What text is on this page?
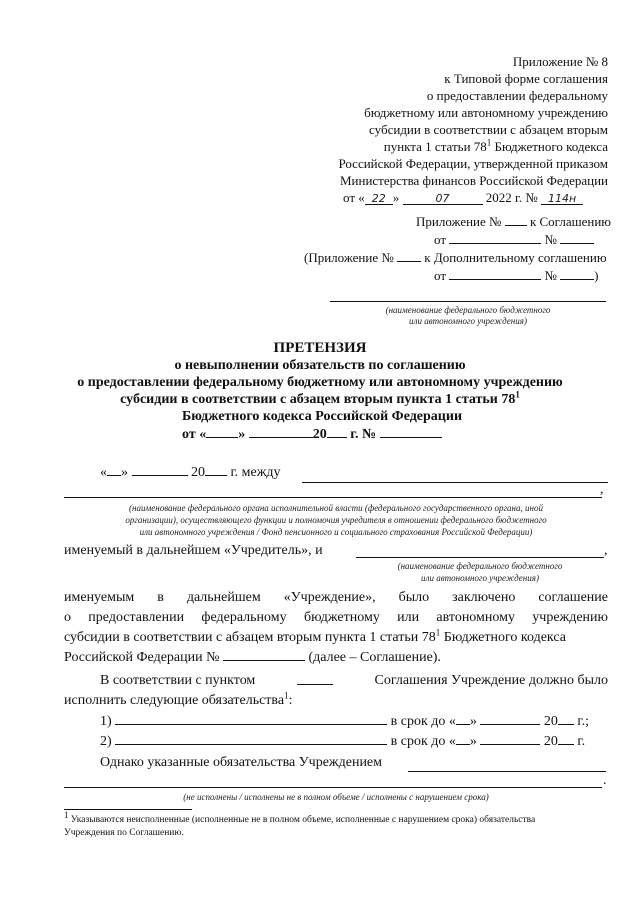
Приложение № 8
к Типовой форме соглашения
о предоставлении федеральному
бюджетному или автономному учреждению
субсидии в соответствии с абзацем вторым
пункта 1 статьи $78^1$ Бюджетного кодекса
Российской Федерации, утвержденной приказом
Министерства финансов Российской Федерации
от « 22 »	07	2022 г. № 114н
Приложение № к Соглашению
от	№
(Приложение № к Дополнительному соглашению
от	№	)
(наименование федерального бюджетного
или автономного учреждения)
ПРЕТЕНЗИЯ
о невыполнении обязательств по соглашению
о предоставлении федеральному бюджетному или автономному учреждению
субсидии в соответствии с абзацем вторым пункта 1 статьи $78^1$
Бюджетного кодекса Российской Федерации
от « »	20 г. №
« »	20 г. между
,
(наименование федерального органа исполнительной власти (федерального государственного органа, иной
организации), осуществляющего функции и полномочия учредителя в отношении федерального бюджетного
или автономного учреждения / Фонд пенсионного и социального страхования Российской Федерации)
именуемый в дальнейшем «Учредитель», и	,
(наименование федерального бюджетного
или автономного учреждения)
именуемым в дальнейшем «Учреждение», было заключено соглашение
о предоставлении федеральному бюджетному или автономному учреждению
субсидии в соответствии с абзацем вторым пункта 1 статьи $78^1$ Бюджетного кодекса
Российской Федерации №	(далее – Соглашение).
В соответствии с пунктом	Соглашения Учреждение должно было
исполнить следующие обязательства$^1$:
1)	в срок до « »	20 г.;
2)	в срок до « »	20 г.
Однако указанные обязательства Учреждением
.
(не исполнены / исполнены не в полном объеме / исполнены с нарушением срока)
$^1$ Указываются неисполненные (исполненные не в полном объеме, исполненные с нарушением срока) обязательства
Учреждения по Соглашению.
